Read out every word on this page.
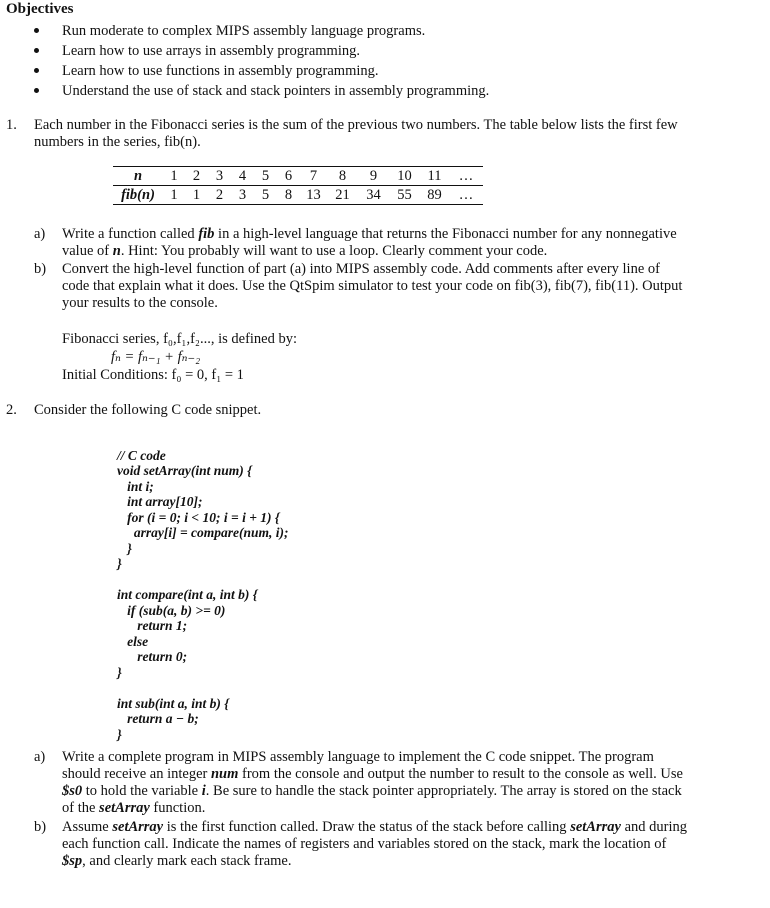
Objectives
Run moderate to complex MIPS assembly language programs.
Learn how to use arrays in assembly programming.
Learn how to use functions in assembly programming.
Understand the use of stack and stack pointers in assembly programming.
1.	Each number in the Fibonacci series is the sum of the previous two numbers. The table below lists the first few
numbers in the series, fib(n).
n	1	2	3	4	5	6	7	8	9	10	11	…
fib(n)	1	1	2	3	5	8	13	21	34	55	89	…
a) Write a function called fib in a high-level language that returns the Fibonacci number for any nonnegative
value of n. Hint: You probably will want to use a loop. Clearly comment your code.
b) Convert the high-level function of part (a) into MIPS assembly code. Add comments after every line of
code that explain what it does. Use the QtSpim simulator to test your code on fib(3), fib(7), fib(11). Output
your results to the console.
Fibonacci series, f₀,f₁,f₂..., is defined by:
fₙ = fₙ₋₁ + fₙ₋₂
Initial Conditions: f₀ = 0, f₁ = 1
2.	Consider the following C code snippet.

// C code
void setArray(int num) {
int i;
int array[10];
for (i = 0; i < 10; i = i + 1) {
array[i] = compare(num, i);
}
}
int compare(int a, int b) {
if (sub(a, b) >= 0)
return 1;
else
return 0;
}
int sub(int a, int b) {
return a − b;
}

a) Write a complete program in MIPS assembly language to implement the C code snippet. The program
should receive an integer num from the console and output the number to result to the console as well. Use
$s0 to hold the variable i. Be sure to handle the stack pointer appropriately. The array is stored on the stack
of the setArray function.
b) Assume setArray is the first function called. Draw the status of the stack before calling setArray and during
each function call. Indicate the names of registers and variables stored on the stack, mark the location of
$sp, and clearly mark each stack frame.
